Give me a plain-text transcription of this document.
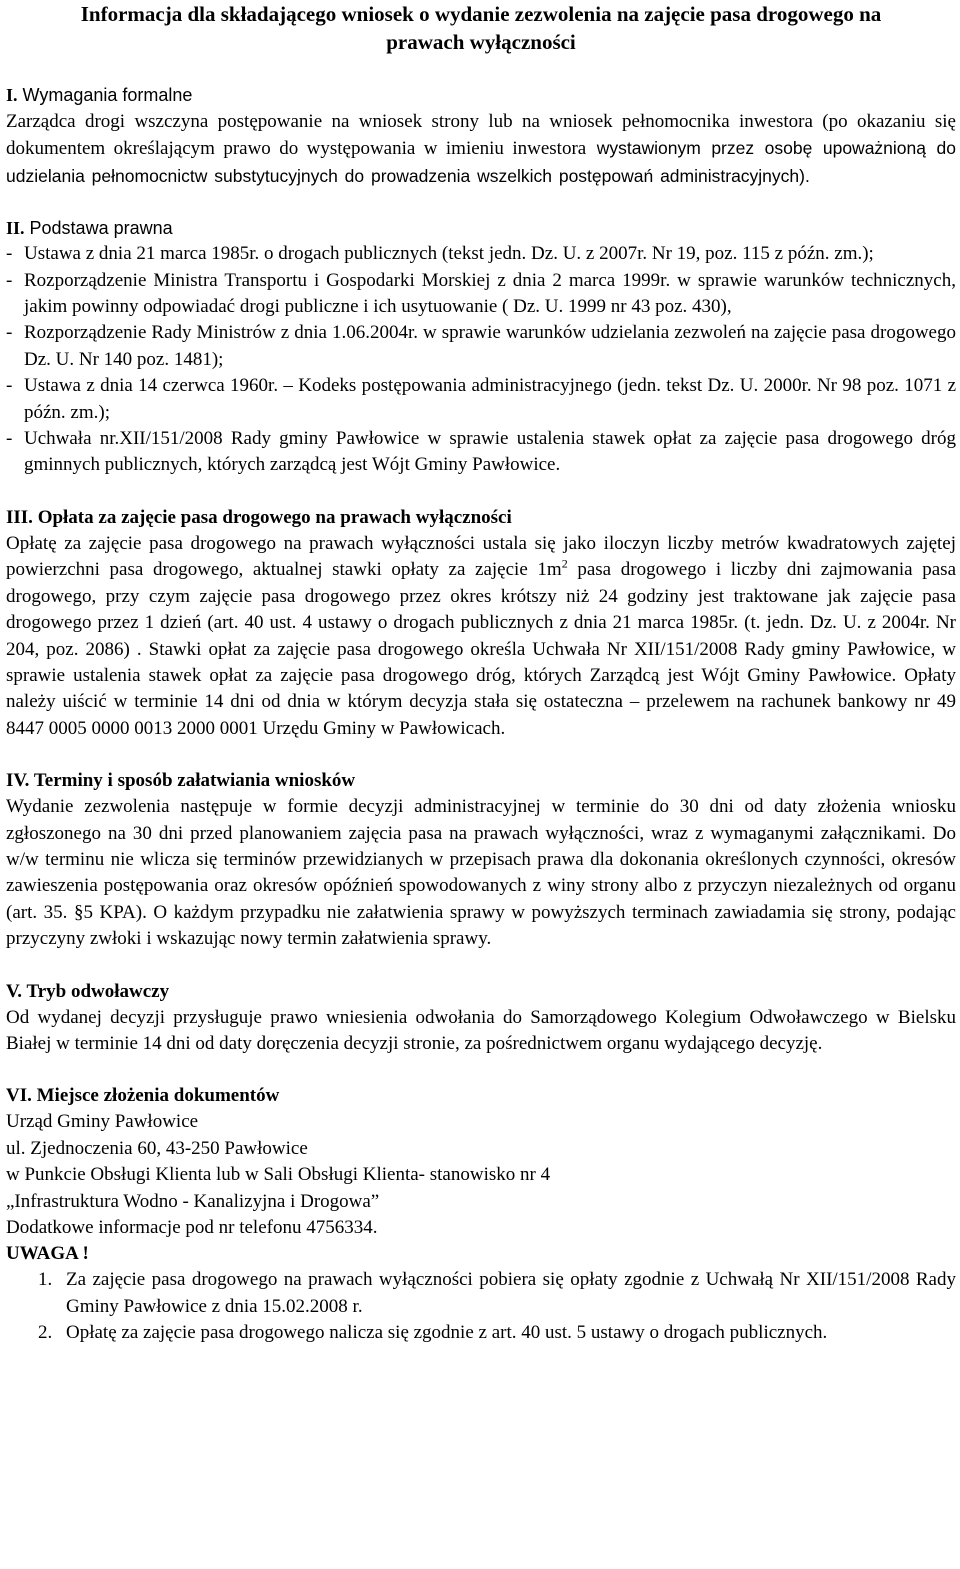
Informacja dla składającego wniosek o wydanie zezwolenia na zajęcie pasa drogowego na prawach wyłączności
I. Wymagania formalne

Zarządca drogi wszczyna postępowanie na wniosek strony lub na wniosek pełnomocnika inwestora (po okazaniu się dokumentem określającym prawo do występowania w imieniu inwestora wystawionym przez osobę upoważnioną do udzielania pełnomocnictw substytucyjnych do prowadzenia wszelkich postępowań administracyjnych).

II. Podstawa prawna
- Ustawa z dnia 21 marca 1985r. o drogach publicznych (tekst jedn. Dz. U. z 2007r. Nr 19, poz. 115 z późn. zm.);
- Rozporządzenie Ministra Transportu i Gospodarki Morskiej z dnia 2 marca 1999r. w sprawie warunków technicznych, jakim powinny odpowiadać drogi publiczne i ich usytuowanie ( Dz. U. 1999 nr 43 poz. 430),
- Rozporządzenie Rady Ministrów z dnia 1.06.2004r. w sprawie warunków udzielania zezwoleń na zajęcie pasa drogowego Dz. U. Nr 140 poz. 1481);
- Ustawa z dnia 14 czerwca 1960r. – Kodeks postępowania administracyjnego (jedn. tekst Dz. U. 2000r. Nr 98 poz. 1071 z późn. zm.);
- Uchwała nr.XII/151/2008 Rady gminy Pawłowice w sprawie ustalenia stawek opłat za zajęcie pasa drogowego dróg gminnych publicznych, których zarządcą jest Wójt Gminy Pawłowice.
III. Opłata za zajęcie pasa drogowego na prawach wyłączności

Opłatę za zajęcie pasa drogowego na prawach wyłączności ustala się jako iloczyn liczby metrów kwadratowych zajętej powierzchni pasa drogowego, aktualnej stawki opłaty za zajęcie $1m^2$ pasa drogowego i liczby dni zajmowania pasa drogowego, przy czym zajęcie pasa drogowego przez okres krótszy niż 24 godziny jest traktowane jak zajęcie pasa drogowego przez 1 dzień (art. 40 ust. 4 ustawy o drogach publicznych z dnia 21 marca 1985r. (t. jedn. Dz. U. z 2004r. Nr 204, poz. 2086) . Stawki opłat za zajęcie pasa drogowego określa Uchwała Nr XII/151/2008 Rady gminy Pawłowice, w sprawie ustalenia stawek opłat za zajęcie pasa drogowego dróg, których Zarządcą jest Wójt Gminy Pawłowice. Opłaty należy uiścić w terminie 14 dni od dnia w którym decyzja stała się ostateczna – przelewem na rachunek bankowy nr 49 8447 0005 0000 0013 2000 0001 Urzędu Gminy w Pawłowicach.

IV. Terminy i sposób załatwiania wniosków

Wydanie zezwolenia następuje w formie decyzji administracyjnej w terminie do 30 dni od daty złożenia wniosku zgłoszonego na 30 dni przed planowaniem zajęcia pasa na prawach wyłączności, wraz z wymaganymi załącznikami. Do w/w terminu nie wlicza się terminów przewidzianych w przepisach prawa dla dokonania określonych czynności, okresów zawieszenia postępowania oraz okresów opóźnień spowodowanych z winy strony albo z przyczyn niezależnych od organu (art. 35. §5 KPA). O każdym przypadku nie załatwienia sprawy w powyższych terminach zawiadamia się strony, podając przyczyny zwłoki i wskazując nowy termin załatwienia sprawy.

V. Tryb odwoławczy

Od wydanej decyzji przysługuje prawo wniesienia odwołania do Samorządowego Kolegium Odwoławczego w Bielsku Białej w terminie 14 dni od daty doręczenia decyzji stronie, za pośrednictwem organu wydającego decyzję.

VI. Miejsce złożenia dokumentów
Urząd Gminy Pawłowice
ul. Zjednoczenia 60, 43-250 Pawłowice
w Punkcie Obsługi Klienta lub w Sali Obsługi Klienta- stanowisko nr 4
„Infrastruktura Wodno - Kanalizyjna i Drogowa”
Dodatkowe informacje pod nr telefonu 4756334.
UWAGA !
1. Za zajęcie pasa drogowego na prawach wyłączności pobiera się opłaty zgodnie z Uchwałą Nr XII/151/2008 Rady Gminy Pawłowice z dnia 15.02.2008 r.
2. Opłatę za zajęcie pasa drogowego nalicza się zgodnie z art. 40 ust. 5 ustawy o drogach publicznych.
